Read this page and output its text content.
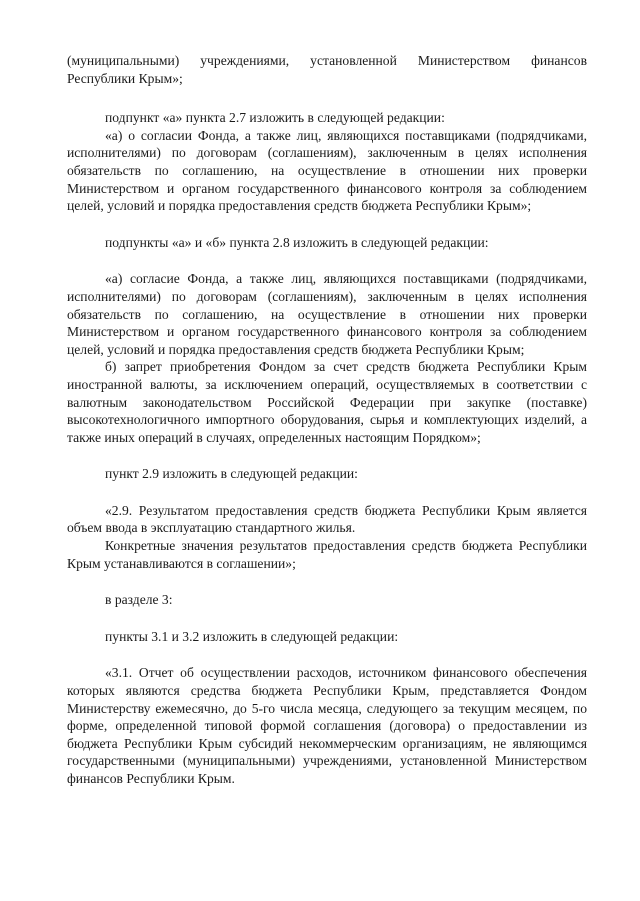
(муниципальными) учреждениями, установленной Министерством финансов Республики Крым»;

подпункт «а» пункта 2.7 изложить в следующей редакции:

«а) о согласии Фонда, а также лиц, являющихся поставщиками (подрядчиками, исполнителями) по договорам (соглашениям), заключенным в целях исполнения обязательств по соглашению, на осуществление в отношении них проверки Министерством и органом государственного финансового контроля за соблюдением целей, условий и порядка предоставления средств бюджета Республики Крым»;

подпункты «а» и «б» пункта 2.8 изложить в следующей редакции:

«а) согласие Фонда, а также лиц, являющихся поставщиками (подрядчиками, исполнителями) по договорам (соглашениям), заключенным в целях исполнения обязательств по соглашению, на осуществление в отношении них проверки Министерством и органом государственного финансового контроля за соблюдением целей, условий и порядка предоставления средств бюджета Республики Крым;

б) запрет приобретения Фондом за счет средств бюджета Республики Крым иностранной валюты, за исключением операций, осуществляемых в соответствии с валютным законодательством Российской Федерации при закупке (поставке) высокотехнологичного импортного оборудования, сырья и комплектующих изделий, а также иных операций в случаях, определенных настоящим Порядком»;

пункт 2.9 изложить в следующей редакции:

«2.9. Результатом предоставления средств бюджета Республики Крым является объем ввода в эксплуатацию стандартного жилья.

Конкретные значения результатов предоставления средств бюджета Республики Крым устанавливаются в соглашении»;

в разделе 3:

пункты 3.1 и 3.2 изложить в следующей редакции:

«3.1. Отчет об осуществлении расходов, источником финансового обеспечения которых являются средства бюджета Республики Крым, представляется Фондом Министерству ежемесячно, до 5-го числа месяца, следующего за текущим месяцем, по форме, определенной типовой формой соглашения (договора) о предоставлении из бюджета Республики Крым субсидий некоммерческим организациям, не являющимся государственными (муниципальными) учреждениями, установленной Министерством финансов Республики Крым.
